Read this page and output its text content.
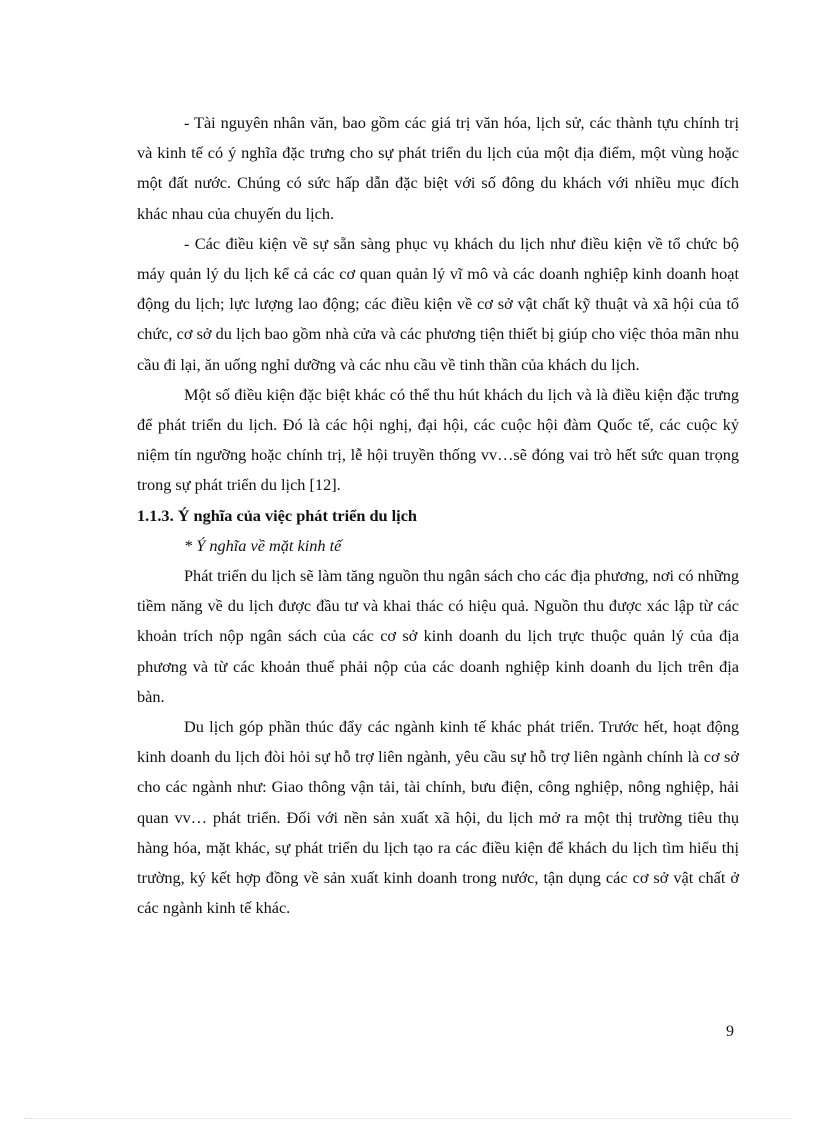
- Tài nguyên nhân văn, bao gồm các giá trị văn hóa, lịch sử, các thành tựu chính trị và kinh tế có ý nghĩa đặc trưng cho sự phát triển du lịch của một địa điểm, một vùng hoặc một đất nước. Chúng có sức hấp dẫn đặc biệt với số đông du khách với nhiều mục đích khác nhau của chuyến du lịch.

- Các điều kiện về sự sẵn sàng phục vụ khách du lịch như điều kiện về tổ chức bộ máy quản lý du lịch kể cả các cơ quan quản lý vĩ mô và các doanh nghiệp kinh doanh hoạt động du lịch; lực lượng lao động; các điều kiện về cơ sở vật chất kỹ thuật và xã hội của tổ chức, cơ sở du lịch bao gồm nhà cửa và các phương tiện thiết bị giúp cho việc thỏa mãn nhu cầu đi lại, ăn uống nghỉ dưỡng và các nhu cầu về tinh thần của khách du lịch.

Một số điều kiện đặc biệt khác có thể thu hút khách du lịch và là điều kiện đặc trưng để phát triển du lịch. Đó là các hội nghị, đại hội, các cuộc hội đàm Quốc tế, các cuộc kỷ niệm tín ngưỡng hoặc chính trị, lễ hội truyền thống vv…sẽ đóng vai trò hết sức quan trọng trong sự phát triển du lịch [12].

1.1.3. Ý nghĩa của việc phát triển du lịch

* Ý nghĩa về mặt kinh tế

Phát triển du lịch sẽ làm tăng nguồn thu ngân sách cho các địa phương, nơi có những tiềm năng về du lịch được đầu tư và khai thác có hiệu quả. Nguồn thu được xác lập từ các khoản trích nộp ngân sách của các cơ sở kinh doanh du lịch trực thuộc quản lý của địa phương và từ các khoản thuế phải nộp của các doanh nghiệp kinh doanh du lịch trên địa bàn.

Du lịch góp phần thúc đẩy các ngành kinh tế khác phát triển. Trước hết, hoạt động kinh doanh du lịch đòi hỏi sự hỗ trợ liên ngành, yêu cầu sự hỗ trợ liên ngành chính là cơ sở cho các ngành như: Giao thông vận tải, tài chính, bưu điện, công nghiệp, nông nghiệp, hải quan vv… phát triển. Đối với nền sản xuất xã hội, du lịch mở ra một thị trường tiêu thụ hàng hóa, mặt khác, sự phát triển du lịch tạo ra các điều kiện để khách du lịch tìm hiểu thị trường, ký kết hợp đồng về sản xuất kinh doanh trong nước, tận dụng các cơ sở vật chất ở các ngành kinh tế khác.

9
